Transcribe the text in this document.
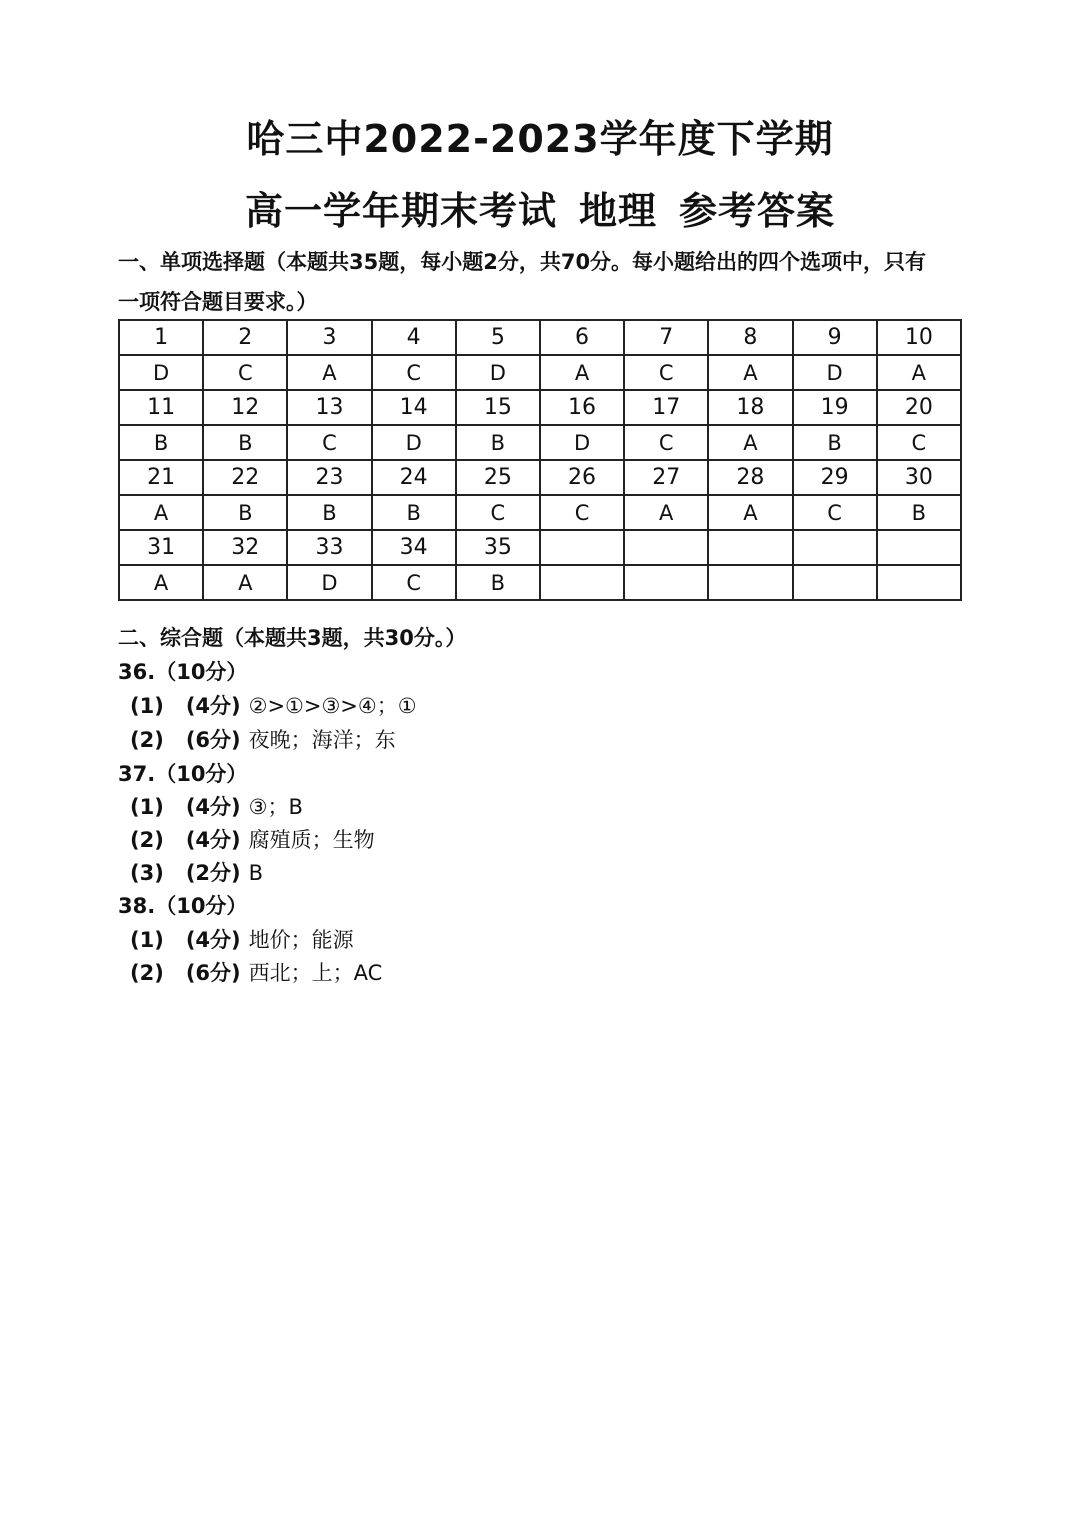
哈三中2022-2023学年度下学期
高一学年期末考试 地理 参考答案
一、单项选择题（本题共35题，每小题2分，共70分。每小题给出的四个选项中，只有
一项符合题目要求。）
1	2	3	4	5	6	7	8	9	10
D	C	A	C	D	A	C	A	D	A
11	12	13	14	15	16	17	18	19	20
B	B	C	D	B	D	C	A	B	C
21	22	23	24	25	26	27	28	29	30
A	B	B	B	C	C	A	A	C	B
31	32	33	34	35					
A	A	D	C	B					
二、综合题（本题共3题，共30分。）
36.（10分）
(1) (4分) ②>①>③>④；①
(2) (6分) 夜晚；海洋；东
37.（10分）
(1) (4分) ③；B
(2) (4分) 腐殖质；生物
(3) (2分) B
38.（10分）
(1) (4分) 地价；能源
(2) (6分) 西北；上；AC
